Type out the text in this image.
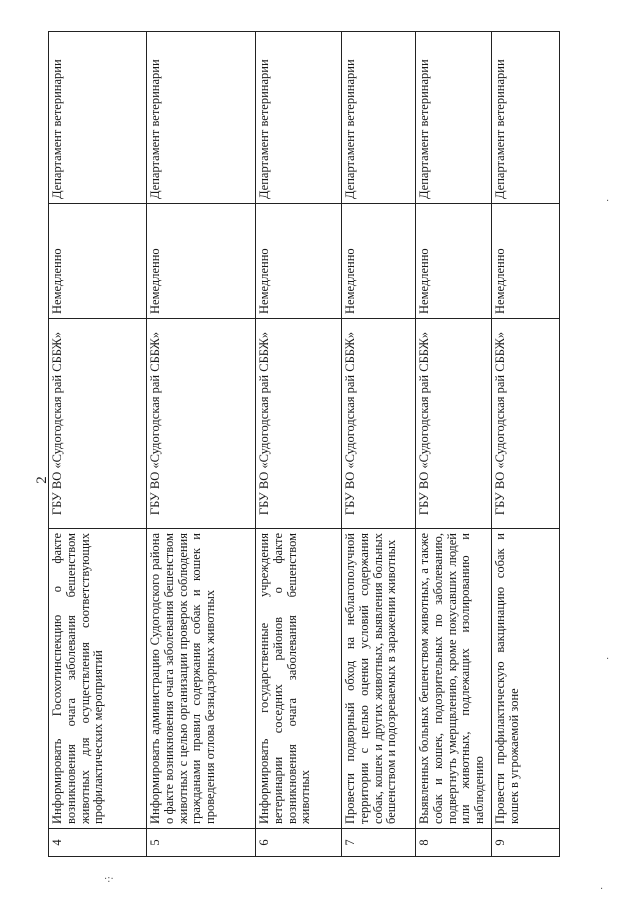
2
4	Информировать Госохотинспекцию о факте возникновения очага заболевания бешенством животных для осуществления соответствующих профилактических мероприятий	ГБУ ВО «Судогодская рай СББЖ»	Немедленно	Департамент ветеринарии
5	Информировать администрацию Судогодского района о факте возникновения очага заболевания бешенством животных с целью организации проверок соблюдения гражданами правил содержания собак и кошек и проведения отлова безнадзорных животных	ГБУ ВО «Судогодская рай СББЖ»	Немедленно	Департамент ветеринарии
6	Информировать государственные учреждения ветеринарии соседних районов о факте возникновения очага заболевания бешенством животных	ГБУ ВО «Судогодская рай СББЖ»	Немедленно	Департамент ветеринарии
7	Провести подворный обход на неблагополучной территории с целью оценки условий содержания собак, кошек и других животных, выявления больных бешенством и подозреваемых в заражении животных	ГБУ ВО «Судогодская рай СББЖ»	Немедленно	Департамент ветеринарии
8	Выявленных больных бешенством животных, а также собак и кошек, подозрительных по заболеванию, подвергнуть умерщвлению, кроме покусавших людей или животных, подлежащих изолированию и наблюдению	ГБУ ВО «Судогодская рай СББЖ»	Немедленно	Департамент ветеринарии
9	Провести профилактическую вакцинацию собак и кошек в угрожаемой зоне	ГБУ ВО «Судогодская рай СББЖ»	Немедленно	Департамент ветеринарии
·:·
·
·
·
